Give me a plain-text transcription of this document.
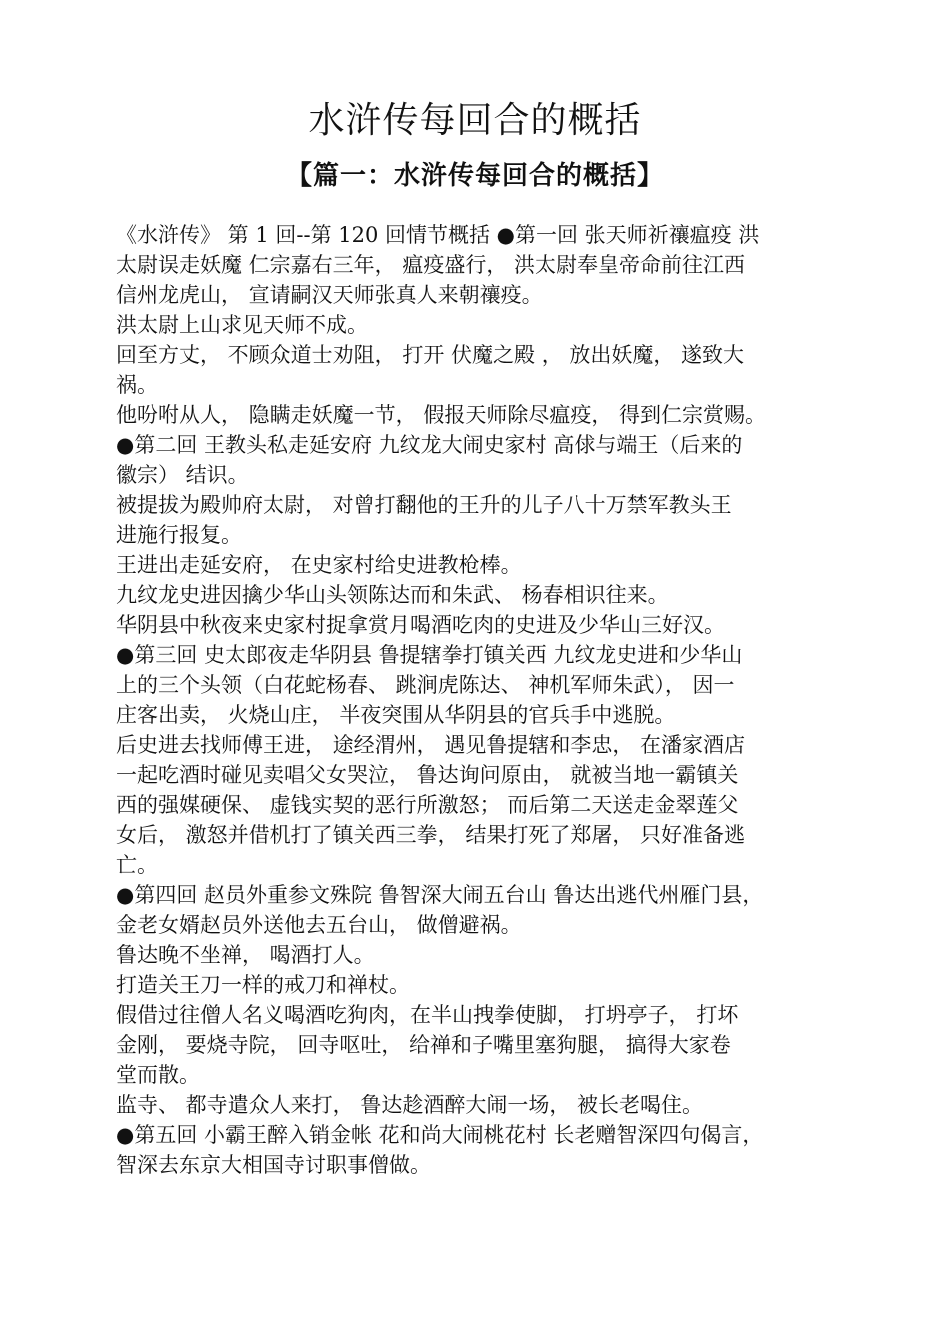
水浒传每回合的概括
【篇一：水浒传每回合的概括】
《水浒传》 第 1 回--第 120 回情节概括 ●第一回 张天师祈禳瘟疫 洪
太尉误走妖魔 仁宗嘉右三年， 瘟疫盛行， 洪太尉奉皇帝命前往江西
信州龙虎山， 宣请嗣汉天师张真人来朝禳疫。
洪太尉上山求见天师不成。
回至方丈， 不顾众道士劝阻， 打开 伏魔之殿 ， 放出妖魔， 遂致大
祸。
他吩咐从人， 隐瞒走妖魔一节， 假报天师除尽瘟疫， 得到仁宗赏赐。
●第二回 王教头私走延安府 九纹龙大闹史家村 高俅与端王（后来的
徽宗） 结识。
被提拔为殿帅府太尉， 对曾打翻他的王升的儿子八十万禁军教头王
进施行报复。
王进出走延安府， 在史家村给史进教枪棒。
九纹龙史进因擒少华山头领陈达而和朱武、 杨春相识往来。
华阴县中秋夜来史家村捉拿赏月喝酒吃肉的史进及少华山三好汉。
●第三回 史太郎夜走华阴县 鲁提辖拳打镇关西 九纹龙史进和少华山
上的三个头领（白花蛇杨春、 跳涧虎陈达、 神机军师朱武）， 因一
庄客出卖， 火烧山庄， 半夜突围从华阴县的官兵手中逃脱。
后史进去找师傅王进， 途经渭州， 遇见鲁提辖和李忠， 在潘家酒店
一起吃酒时碰见卖唱父女哭泣， 鲁达询问原由， 就被当地一霸镇关
西的强媒硬保、 虚钱实契的恶行所激怒； 而后第二天送走金翠莲父
女后， 激怒并借机打了镇关西三拳， 结果打死了郑屠， 只好准备逃
亡。
●第四回 赵员外重参文殊院 鲁智深大闹五台山 鲁达出逃代州雁门县，
金老女婿赵员外送他去五台山， 做僧避祸。
鲁达晚不坐禅， 喝酒打人。
打造关王刀一样的戒刀和禅杖。
假借过往僧人名义喝酒吃狗肉，在半山拽拳使脚， 打坍亭子， 打坏
金刚， 要烧寺院， 回寺呕吐， 给禅和子嘴里塞狗腿， 搞得大家卷
堂而散。
监寺、 都寺遣众人来打， 鲁达趁酒醉大闹一场， 被长老喝住。
●第五回 小霸王醉入销金帐 花和尚大闹桃花村 长老赠智深四句偈言，
智深去东京大相国寺讨职事僧做。
